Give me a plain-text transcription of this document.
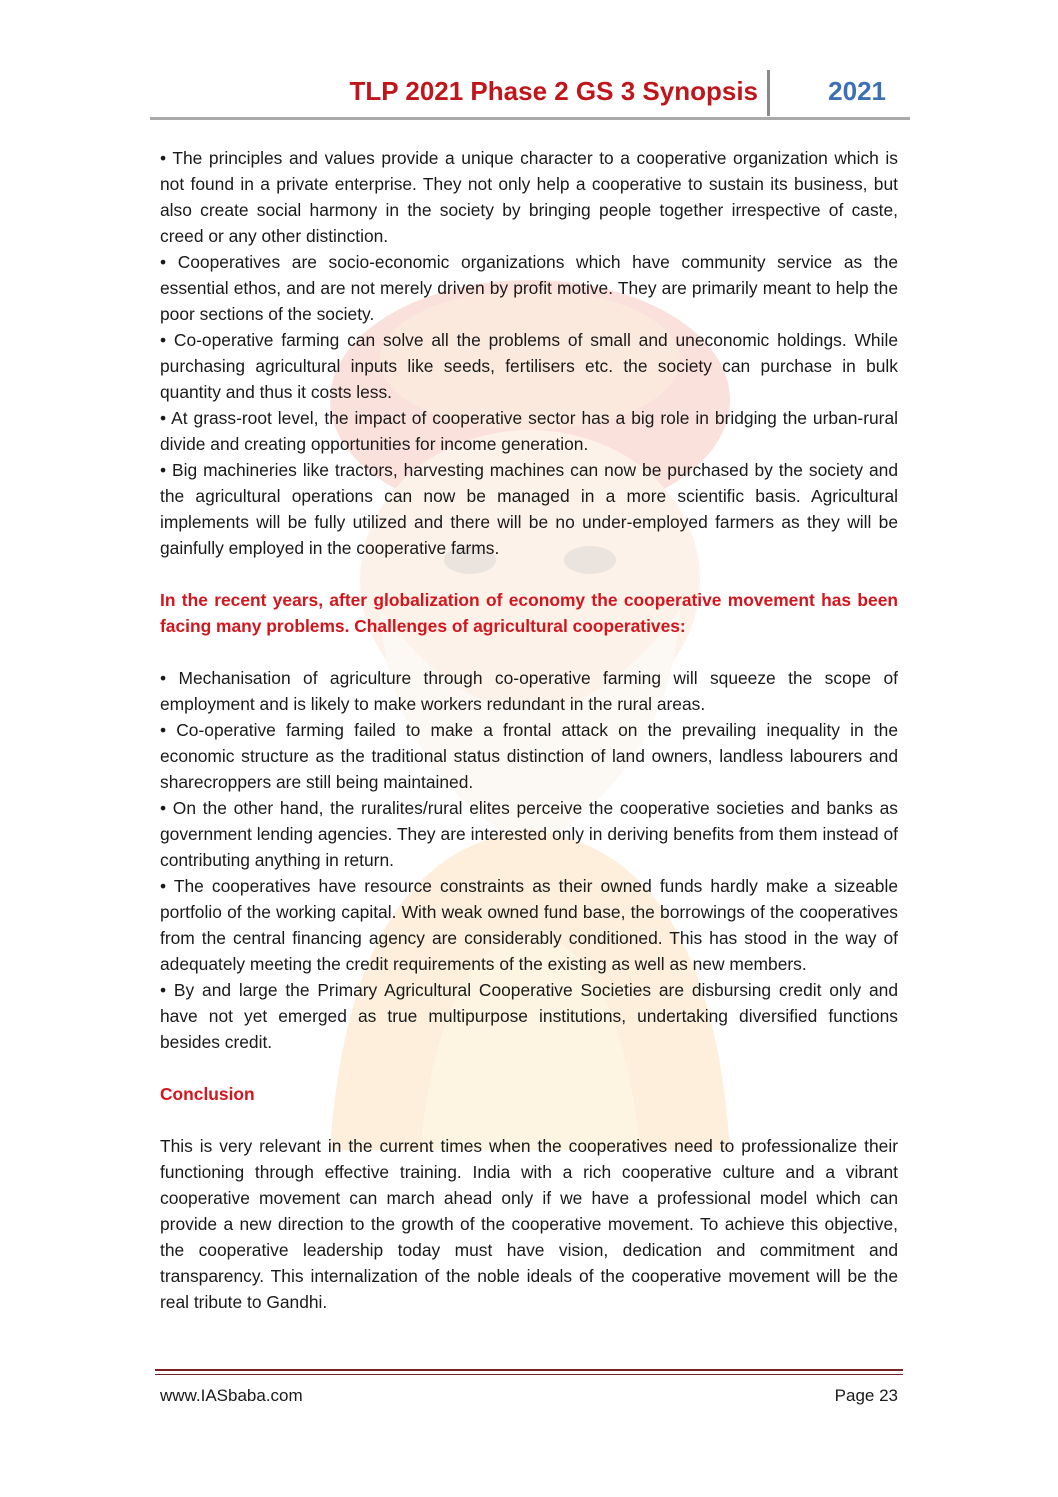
TLP 2021 Phase 2 GS 3 Synopsis	2021

• The principles and values provide a unique character to a cooperative organization which is not found in a private enterprise. They not only help a cooperative to sustain its business, but also create social harmony in the society by bringing people together irrespective of caste, creed or any other distinction.

• Cooperatives are socio-economic organizations which have community service as the essential ethos, and are not merely driven by profit motive. They are primarily meant to help the poor sections of the society.

• Co-operative farming can solve all the problems of small and uneconomic holdings. While purchasing agricultural inputs like seeds, fertilisers etc. the society can purchase in bulk quantity and thus it costs less.

• At grass-root level, the impact of cooperative sector has a big role in bridging the urban-rural divide and creating opportunities for income generation.

• Big machineries like tractors, harvesting machines can now be purchased by the society and the agricultural operations can now be managed in a more scientific basis. Agricultural implements will be fully utilized and there will be no under-employed farmers as they will be gainfully employed in the cooperative farms.

In the recent years, after globalization of economy the cooperative movement has been facing many problems. Challenges of agricultural cooperatives:

• Mechanisation of agriculture through co-operative farming will squeeze the scope of employment and is likely to make workers redundant in the rural areas.

• Co-operative farming failed to make a frontal attack on the prevailing inequality in the economic structure as the traditional status distinction of land owners, landless labourers and sharecroppers are still being maintained.

• On the other hand, the ruralites/rural elites perceive the cooperative societies and banks as government lending agencies. They are interested only in deriving benefits from them instead of contributing anything in return.

• The cooperatives have resource constraints as their owned funds hardly make a sizeable portfolio of the working capital. With weak owned fund base, the borrowings of the cooperatives from the central financing agency are considerably conditioned. This has stood in the way of adequately meeting the credit requirements of the existing as well as new members.

• By and large the Primary Agricultural Cooperative Societies are disbursing credit only and have not yet emerged as true multipurpose institutions, undertaking diversified functions besides credit.

Conclusion

This is very relevant in the current times when the cooperatives need to professionalize their functioning through effective training. India with a rich cooperative culture and a vibrant cooperative movement can march ahead only if we have a professional model which can provide a new direction to the growth of the cooperative movement. To achieve this objective, the cooperative leadership today must have vision, dedication and commitment and transparency. This internalization of the noble ideals of the cooperative movement will be the real tribute to Gandhi.

www.IASbaba.com	Page 23
